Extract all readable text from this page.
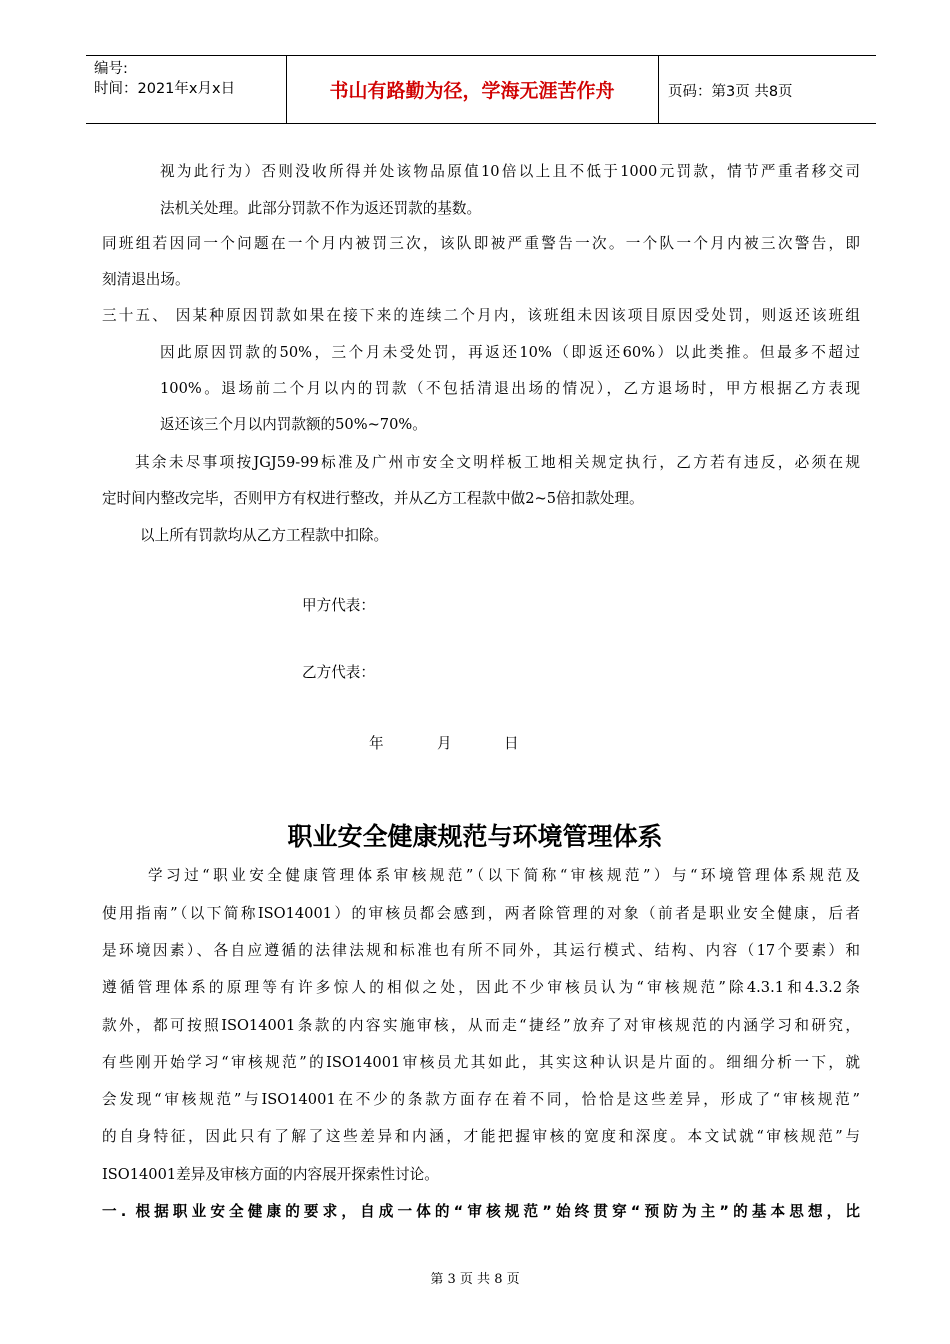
编号:
时间：2021年x月x日	书山有路勤为径，学海无涯苦作舟	页码：第3页 共8页
视为此行为）否则没收所得并处该物品原值10倍以上且不低于1000元罚款，情节严重者移交司
法机关处理。此部分罚款不作为返还罚款的基数。
同班组若因同一个问题在一个月内被罚三次，该队即被严重警告一次。一个队一个月内被三次警告，即
刻清退出场。
三十五、 因某种原因罚款如果在接下来的连续二个月内，该班组未因该项目原因受处罚，则返还该班组
因此原因罚款的50%，三个月未受处罚，再返还10%（即返还60%）以此类推。但最多不超过
100%。退场前二个月以内的罚款（不包括清退出场的情况），乙方退场时，甲方根据乙方表现
返还该三个月以内罚款额的50%~70%。
其余未尽事项按JGJ59-99标准及广州市安全文明样板工地相关规定执行，乙方若有违反，必须在规
定时间内整改完毕，否则甲方有权进行整改，并从乙方工程款中做2~5倍扣款处理。
以上所有罚款均从乙方工程款中扣除。
甲方代表：
乙方代表：
年	月	日
职业安全健康规范与环境管理体系
学习过“职业安全健康管理体系审核规范”（以下简称“审核规范”）与“环境管理体系规范及
使用指南”（以下简称ISO14001）的审核员都会感到，两者除管理的对象（前者是职业安全健康，后者
是环境因素）、各自应遵循的法律法规和标准也有所不同外，其运行模式、结构、内容（17个要素）和
遵循管理体系的原理等有许多惊人的相似之处，因此不少审核员认为“审核规范”除4.3.1和4.3.2条
款外，都可按照ISO14001条款的内容实施审核，从而走“捷经”放弃了对审核规范的内涵学习和研究，
有些刚开始学习“审核规范”的ISO14001审核员尤其如此，其实这种认识是片面的。细细分析一下，就
会发现“审核规范”与ISO14001在不少的条款方面存在着不同，恰恰是这些差异，形成了“审核规范”
的自身特征，因此只有了解了这些差异和内涵，才能把握审核的宽度和深度。本文试就“审核规范”与
ISO14001差异及审核方面的内容展开探索性讨论。
一. 根据职业安全健康的要求，自成一体的“审核规范”始终贯穿“预防为主”的基本思想，比
第 3 页 共 8 页
